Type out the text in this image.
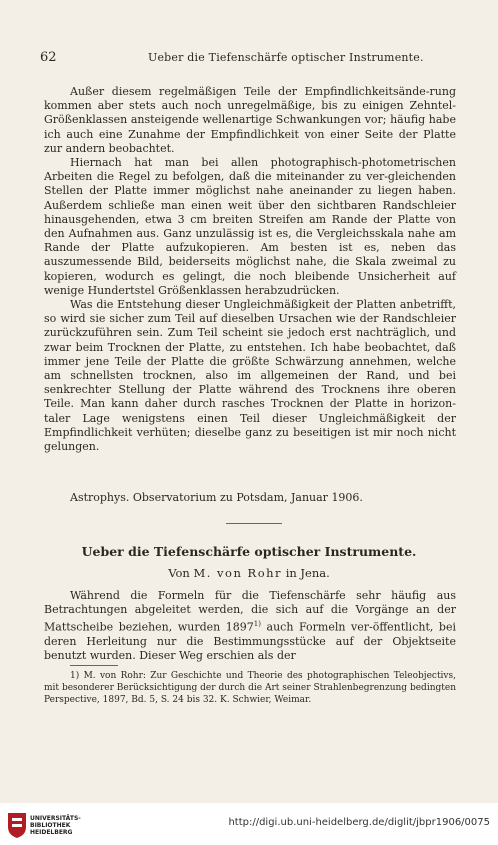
62	Ueber die Tiefenschärfe optischer Instrumente.

Außer diesem regelmäßigen Teile der Empfindlichkeitsände-rung kommen aber stets auch noch unregelmäßige, bis zu einigen Zehntel-Größenklassen ansteigende wellenartige Schwankungen vor; häufig habe ich auch eine Zunahme der Empfindlichkeit von einer Seite der Platte zur andern beobachtet.

Hiernach hat man bei allen photographisch-photometrischen Arbeiten die Regel zu befolgen, daß die miteinander zu ver-gleichenden Stellen der Platte immer möglichst nahe aneinander zu liegen haben. Außerdem schließe man einen weit über den sichtbaren Randschleier hinausgehenden, etwa 3 cm breiten Streifen am Rande der Platte von den Aufnahmen aus. Ganz unzulässig ist es, die Vergleichsskala nahe am Rande der Platte aufzukopieren. Am besten ist es, neben das auszumessende Bild, beiderseits möglichst nahe, die Skala zweimal zu kopieren, wodurch es gelingt, die noch bleibende Unsicherheit auf wenige Hundertstel Größenklassen herabzudrücken.

Was die Entstehung dieser Ungleichmäßigkeit der Platten anbetrifft, so wird sie sicher zum Teil auf dieselben Ursachen wie der Randschleier zurückzuführen sein. Zum Teil scheint sie jedoch erst nachträglich, und zwar beim Trocknen der Platte, zu entstehen. Ich habe beobachtet, daß immer jene Teile der Platte die größte Schwärzung annehmen, welche am schnellsten trocknen, also im allgemeinen der Rand, und bei senkrechter Stellung der Platte während des Trocknens ihre oberen Teile. Man kann daher durch rasches Trocknen der Platte in horizon-taler Lage wenigstens einen Teil dieser Ungleichmäßigkeit der Empfindlichkeit verhüten; dieselbe ganz zu beseitigen ist mir noch nicht gelungen.

Astrophys. Observatorium zu Potsdam, Januar 1906.
Ueber die Tiefenschärfe optischer Instrumente.
Von M. von Rohr in Jena.

Während die Formeln für die Tiefenschärfe sehr häufig aus Betrachtungen abgeleitet werden, die sich auf die Vorgänge an der Mattscheibe beziehen, wurden 1897$^{1)}$ auch Formeln ver-öffentlicht, bei deren Herleitung nur die Bestimmungsstücke auf der Objektseite benutzt wurden. Dieser Weg erschien als der

1) M. von Rohr: Zur Geschichte und Theorie des photographischen Teleobjectivs, mit besonderer Berücksichtigung der durch die Art seiner Strahlenbegrenzung bedingten Perspective, 1897, Bd. 5, S. 24 bis 32. K. Schwier, Weimar.
UNIVERSITÄTS-
BIBLIOTHEK
HEIDELBERG
http://digi.ub.uni-heidelberg.de/diglit/jbpr1906/0075
